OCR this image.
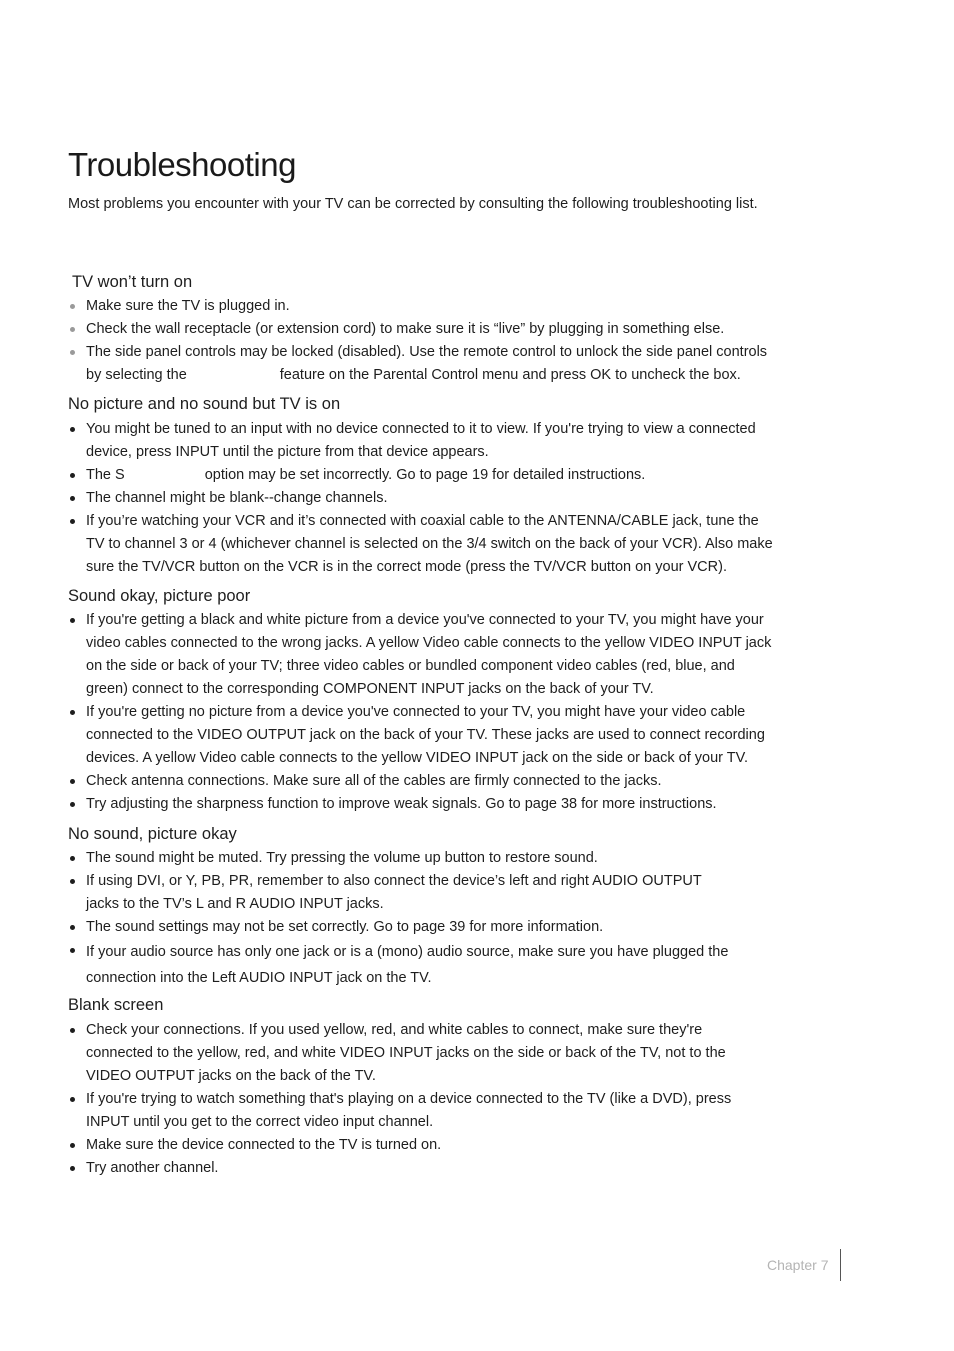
Troubleshooting

Most problems you encounter with your TV can be corrected by consulting the following troubleshooting list.

TV won’t turn on
Make sure the TV is plugged in.
Check the wall receptacle (or extension cord) to make sure it is “live” by plugging in something else.
The side panel controls may be locked (disabled). Use the remote control to unlock the side panel controls
by selecting the	feature on the Parental Control menu and press OK to uncheck the box.
No picture and no sound but TV is on
You might be tuned to an input with no device connected to it to view. If you're trying to view a connected
device, press INPUT until the picture from that device appears.
The S	option may be set incorrectly. Go to page 19 for detailed instructions.
The channel might be blank--change channels.
If you’re watching your VCR and it’s connected with coaxial cable to the ANTENNA/CABLE jack, tune the
TV to channel 3 or 4 (whichever channel is selected on the 3/4 switch on the back of your VCR). Also make
sure the TV/VCR button on the VCR is in the correct mode (press the TV/VCR button on your VCR).
Sound okay, picture poor
If you're getting a black and white picture from a device you've connected to your TV, you might have your
video cables connected to the wrong jacks. A yellow Video cable connects to the yellow VIDEO INPUT jack
on the side or back of your TV; three video cables or bundled component video cables (red, blue, and
green) connect to the corresponding COMPONENT INPUT jacks on the back of your TV.
If you're getting no picture from a device you've connected to your TV, you might have your video cable
connected to the VIDEO OUTPUT jack on the back of your TV. These jacks are used to connect recording
devices. A yellow Video cable connects to the yellow VIDEO INPUT jack on the side or back of your TV.
Check antenna connections. Make sure all of the cables are firmly connected to the jacks.
Try adjusting the sharpness function to improve weak signals. Go to page 38 for more instructions.
No sound, picture okay
The sound might be muted. Try pressing the volume up button to restore sound.
If using DVI, or Y, PB, PR, remember to also connect the device’s left and right AUDIO OUTPUT
jacks to the TV’s L and R AUDIO INPUT jacks.
The sound settings may not be set correctly. Go to page 39 for more information.
If your audio source has only one jack or is a (mono) audio source, make sure you have plugged the
connection into the Left AUDIO INPUT jack on the TV.
Blank screen
Check your connections. If you used yellow, red, and white cables to connect, make sure they're
connected to the yellow, red, and white VIDEO INPUT jacks on the side or back of the TV, not to the
VIDEO OUTPUT jacks on the back of the TV.
If you're trying to watch something that's playing on a device connected to the TV (like a DVD), press
INPUT until you get to the correct video input channel.
Make sure the device connected to the TV is turned on.
Try another channel.
Chapter 7
